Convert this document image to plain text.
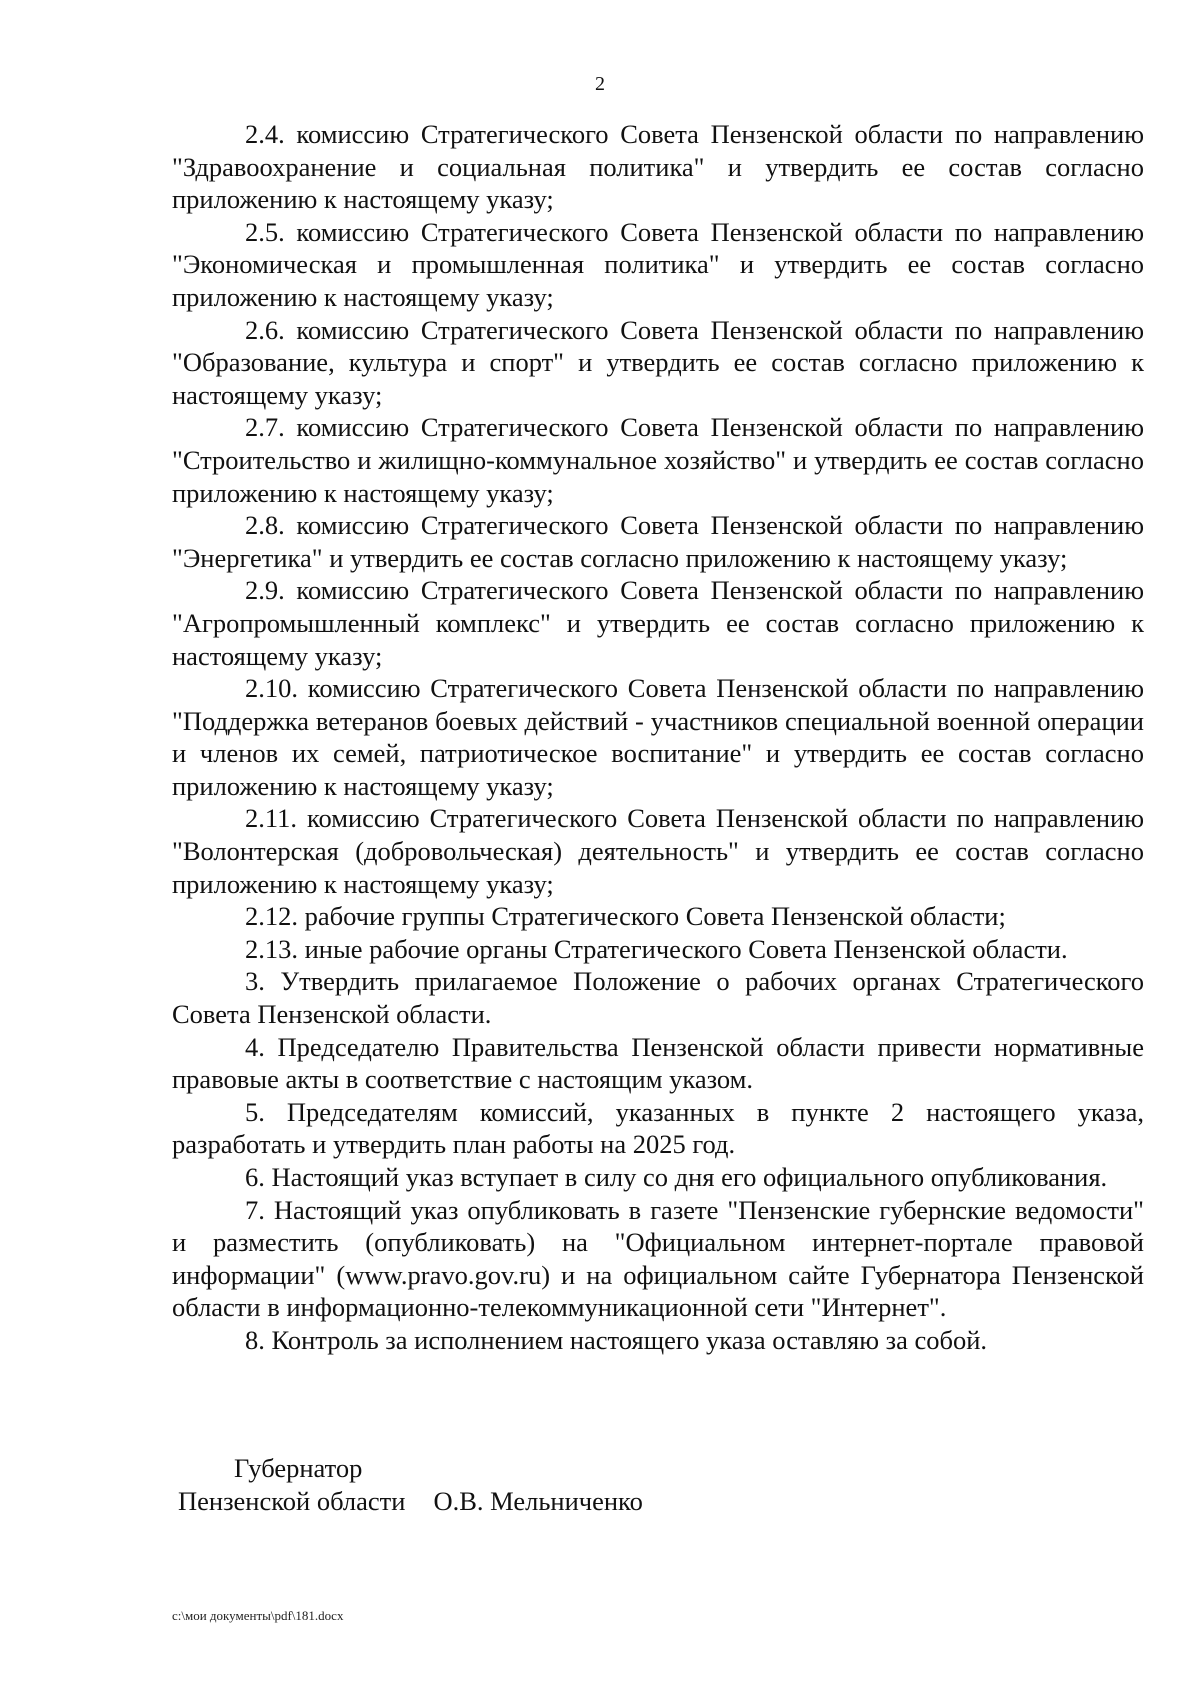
2

2.4. комиссию Стратегического Совета Пензенской области по направлению "Здравоохранение и социальная политика" и утвердить ее состав согласно приложению к настоящему указу;

2.5. комиссию Стратегического Совета Пензенской области по направлению "Экономическая и промышленная политика" и утвердить ее состав согласно приложению к настоящему указу;

2.6. комиссию Стратегического Совета Пензенской области по направлению "Образование, культура и спорт" и утвердить ее состав согласно приложению к настоящему указу;

2.7. комиссию Стратегического Совета Пензенской области по направлению "Строительство и жилищно-коммунальное хозяйство" и утвердить ее состав согласно приложению к настоящему указу;

2.8. комиссию Стратегического Совета Пензенской области по направлению "Энергетика" и утвердить ее состав согласно приложению к настоящему указу;

2.9. комиссию Стратегического Совета Пензенской области по направлению "Агропромышленный комплекс" и утвердить ее состав согласно приложению к настоящему указу;

2.10. комиссию Стратегического Совета Пензенской области по направлению "Поддержка ветеранов боевых действий - участников специальной военной операции и членов их семей, патриотическое воспитание" и утвердить ее состав согласно приложению к настоящему указу;

2.11. комиссию Стратегического Совета Пензенской области по направлению "Волонтерская (добровольческая) деятельность" и утвердить ее состав согласно приложению к настоящему указу;

2.12. рабочие группы Стратегического Совета Пензенской области;

2.13. иные рабочие органы Стратегического Совета Пензенской области.

3. Утвердить прилагаемое Положение о рабочих органах Стратегического Совета Пензенской области.

4. Председателю Правительства Пензенской области привести нормативные правовые акты в соответствие с настоящим указом.

5. Председателям комиссий, указанных в пункте 2 настоящего указа, разработать и утвердить план работы на 2025 год.

6. Настоящий указ вступает в силу со дня его официального опубликования.

7. Настоящий указ опубликовать в газете "Пензенские губернские ведомости" и разместить (опубликовать) на "Официальном интернет-портале правовой информации" (www.pravo.gov.ru) и на официальном сайте Губернатора Пензенской области в информационно-телекоммуникационной сети "Интернет".

8. Контроль за исполнением настоящего указа оставляю за собой.

Губернатор
Пензенской области О.В. Мельниченко
c:\мои документы\pdf\181.docx
